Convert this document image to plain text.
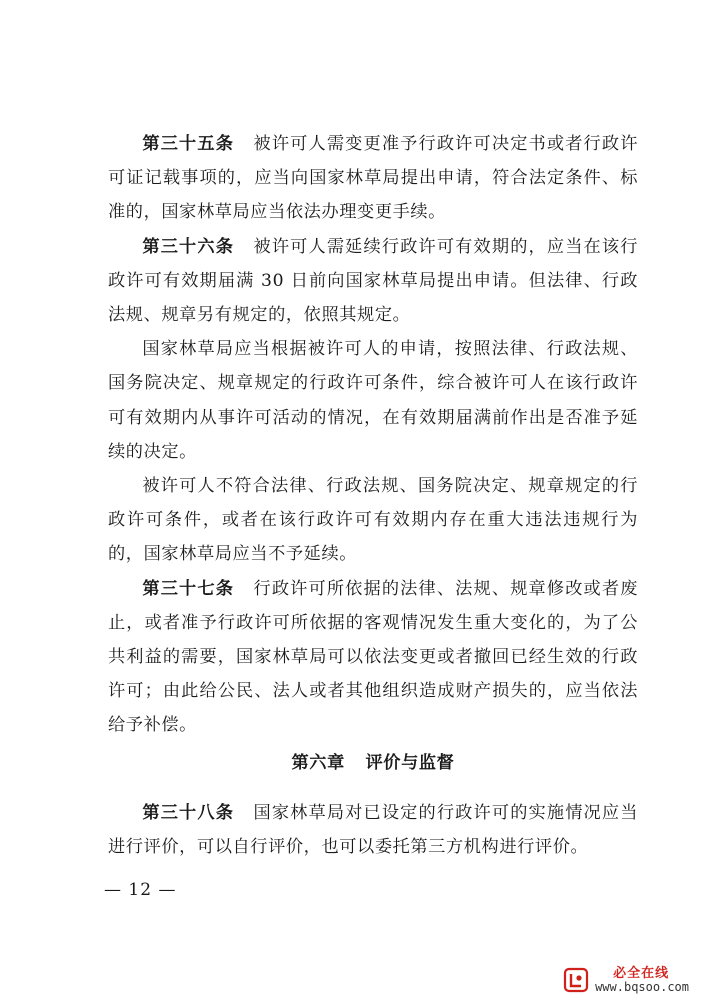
第三十五条 被许可人需变更准予行政许可决定书或者行政许可证记载事项的，应当向国家林草局提出申请，符合法定条件、标准的，国家林草局应当依法办理变更手续。

第三十六条 被许可人需延续行政许可有效期的，应当在该行政许可有效期届满 30 日前向国家林草局提出申请。但法律、行政法规、规章另有规定的，依照其规定。

国家林草局应当根据被许可人的申请，按照法律、行政法规、国务院决定、规章规定的行政许可条件，综合被许可人在该行政许可有效期内从事许可活动的情况，在有效期届满前作出是否准予延续的决定。

被许可人不符合法律、行政法规、国务院决定、规章规定的行政许可条件，或者在该行政许可有效期内存在重大违法违规行为的，国家林草局应当不予延续。

第三十七条 行政许可所依据的法律、法规、规章修改或者废止，或者准予行政许可所依据的客观情况发生重大变化的，为了公共利益的需要，国家林草局可以依法变更或者撤回已经生效的行政许可；由此给公民、法人或者其他组织造成财产损失的，应当依法给予补偿。

第六章 评价与监督

第三十八条 国家林草局对已设定的行政许可的实施情况应当进行评价，可以自行评价，也可以委托第三方机构进行评价。

— 12 —
必全在线
www.bqsoo.com
